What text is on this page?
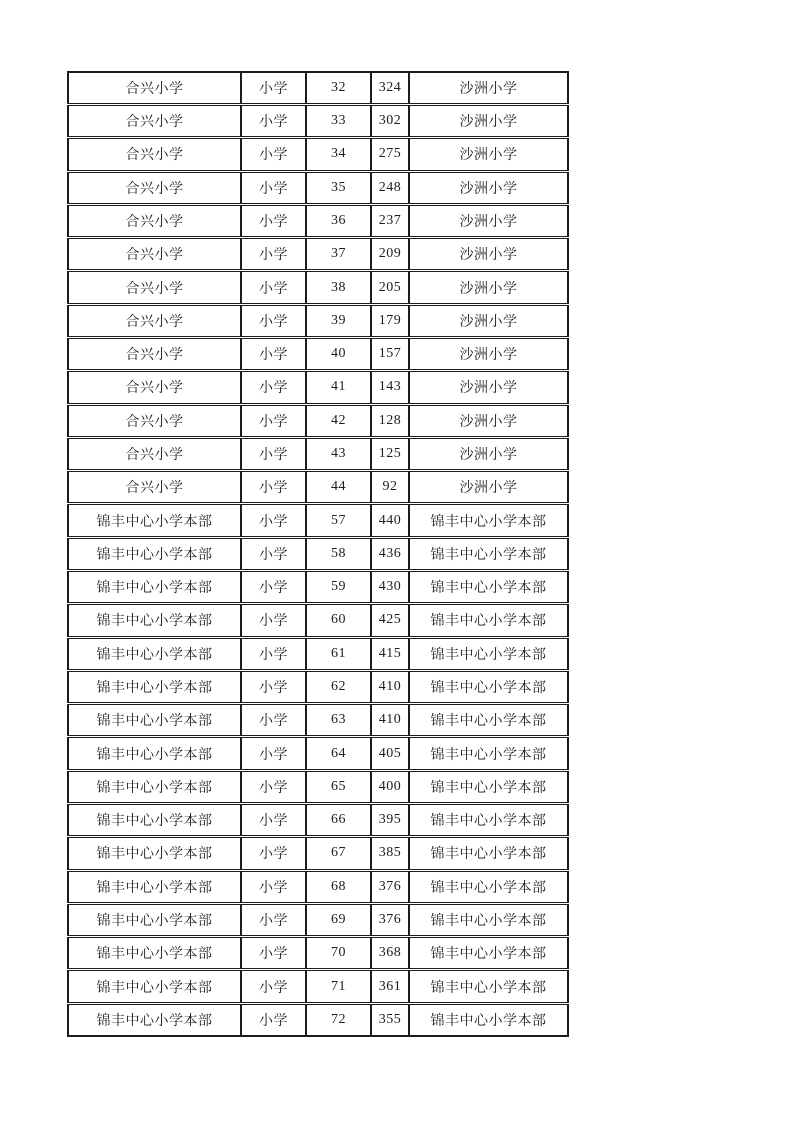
合兴小学	小学	32	324	沙洲小学
合兴小学	小学	33	302	沙洲小学
合兴小学	小学	34	275	沙洲小学
合兴小学	小学	35	248	沙洲小学
合兴小学	小学	36	237	沙洲小学
合兴小学	小学	37	209	沙洲小学
合兴小学	小学	38	205	沙洲小学
合兴小学	小学	39	179	沙洲小学
合兴小学	小学	40	157	沙洲小学
合兴小学	小学	41	143	沙洲小学
合兴小学	小学	42	128	沙洲小学
合兴小学	小学	43	125	沙洲小学
合兴小学	小学	44	92	沙洲小学
锦丰中心小学本部	小学	57	440	锦丰中心小学本部
锦丰中心小学本部	小学	58	436	锦丰中心小学本部
锦丰中心小学本部	小学	59	430	锦丰中心小学本部
锦丰中心小学本部	小学	60	425	锦丰中心小学本部
锦丰中心小学本部	小学	61	415	锦丰中心小学本部
锦丰中心小学本部	小学	62	410	锦丰中心小学本部
锦丰中心小学本部	小学	63	410	锦丰中心小学本部
锦丰中心小学本部	小学	64	405	锦丰中心小学本部
锦丰中心小学本部	小学	65	400	锦丰中心小学本部
锦丰中心小学本部	小学	66	395	锦丰中心小学本部
锦丰中心小学本部	小学	67	385	锦丰中心小学本部
锦丰中心小学本部	小学	68	376	锦丰中心小学本部
锦丰中心小学本部	小学	69	376	锦丰中心小学本部
锦丰中心小学本部	小学	70	368	锦丰中心小学本部
锦丰中心小学本部	小学	71	361	锦丰中心小学本部
锦丰中心小学本部	小学	72	355	锦丰中心小学本部
